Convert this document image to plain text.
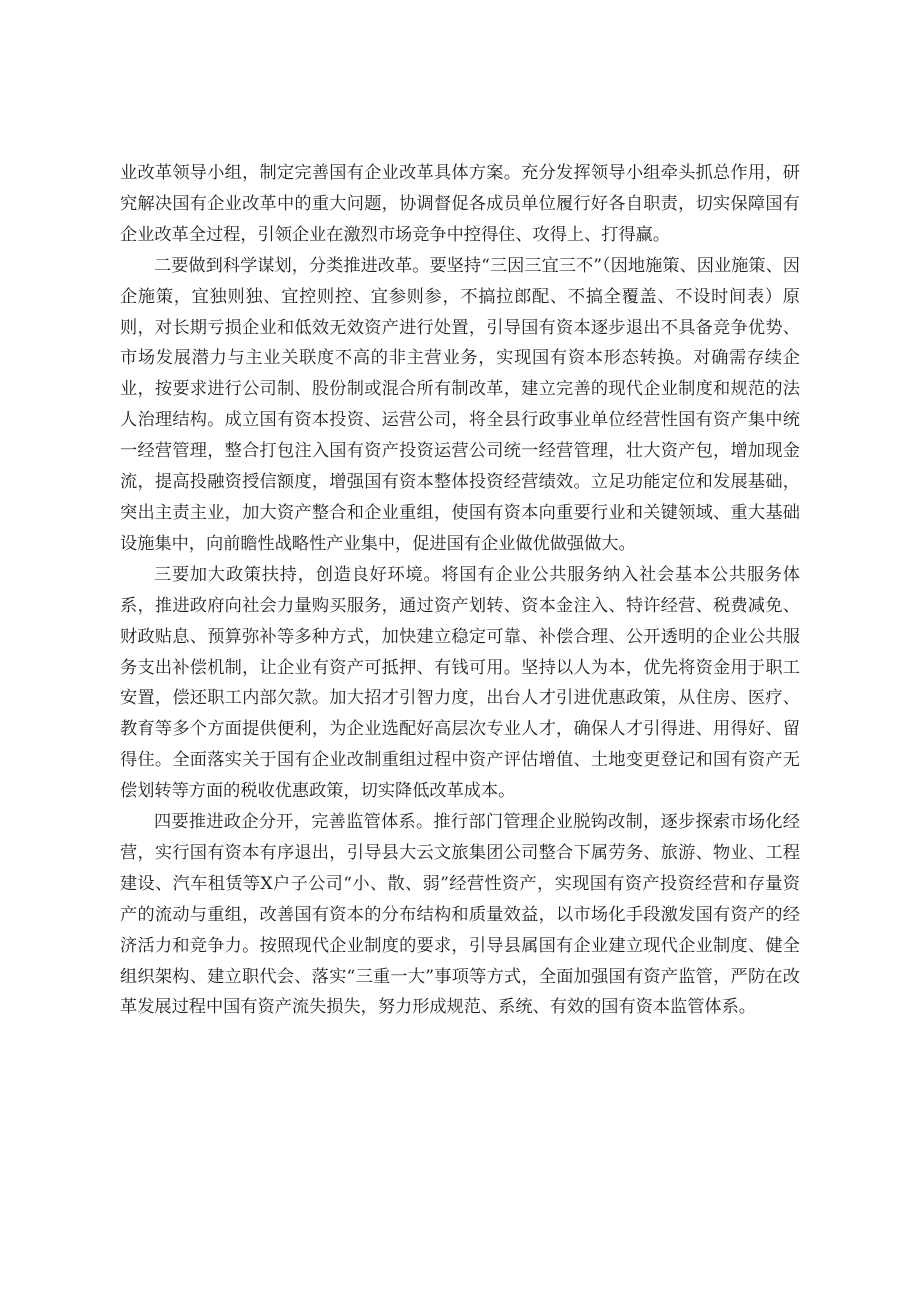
业改革领导小组，制定完善国有企业改革具体方案。充分发挥领导小组牵头抓总作用，研究解决国有企业改革中的重大问题，协调督促各成员单位履行好各自职责，切实保障国有企业改革全过程，引领企业在激烈市场竞争中控得住、攻得上、打得赢。

二要做到科学谋划，分类推进改革。要坚持“三因三宜三不”（因地施策、因业施策、因企施策，宜独则独、宜控则控、宜参则参，不搞拉郎配、不搞全覆盖、不设时间表）原则，对长期亏损企业和低效无效资产进行处置，引导国有资本逐步退出不具备竞争优势、市场发展潜力与主业关联度不高的非主营业务，实现国有资本形态转换。对确需存续企业，按要求进行公司制、股份制或混合所有制改革，建立完善的现代企业制度和规范的法人治理结构。成立国有资本投资、运营公司，将全县行政事业单位经营性国有资产集中统一经营管理，整合打包注入国有资产投资运营公司统一经营管理，壮大资产包，增加现金流，提高投融资授信额度，增强国有资本整体投资经营绩效。立足功能定位和发展基础，突出主责主业，加大资产整合和企业重组，使国有资本向重要行业和关键领域、重大基础设施集中，向前瞻性战略性产业集中，促进国有企业做优做强做大。

三要加大政策扶持，创造良好环境。将国有企业公共服务纳入社会基本公共服务体系，推进政府向社会力量购买服务，通过资产划转、资本金注入、特许经营、税费减免、财政贴息、预算弥补等多种方式，加快建立稳定可靠、补偿合理、公开透明的企业公共服务支出补偿机制，让企业有资产可抵押、有钱可用。坚持以人为本，优先将资金用于职工安置，偿还职工内部欠款。加大招才引智力度，出台人才引进优惠政策，从住房、医疗、教育等多个方面提供便利，为企业选配好高层次专业人才，确保人才引得进、用得好、留得住。全面落实关于国有企业改制重组过程中资产评估增值、土地变更登记和国有资产无偿划转等方面的税收优惠政策，切实降低改革成本。

四要推进政企分开，完善监管体系。推行部门管理企业脱钩改制，逐步探索市场化经营，实行国有资本有序退出，引导县大云文旅集团公司整合下属劳务、旅游、物业、工程建设、汽车租赁等X户子公司“小、散、弱”经营性资产，实现国有资产投资经营和存量资产的流动与重组，改善国有资本的分布结构和质量效益，以市场化手段激发国有资产的经济活力和竞争力。按照现代企业制度的要求，引导县属国有企业建立现代企业制度、健全组织架构、建立职代会、落实“三重一大”事项等方式，全面加强国有资产监管，严防在改革发展过程中国有资产流失损失，努力形成规范、系统、有效的国有资本监管体系。
